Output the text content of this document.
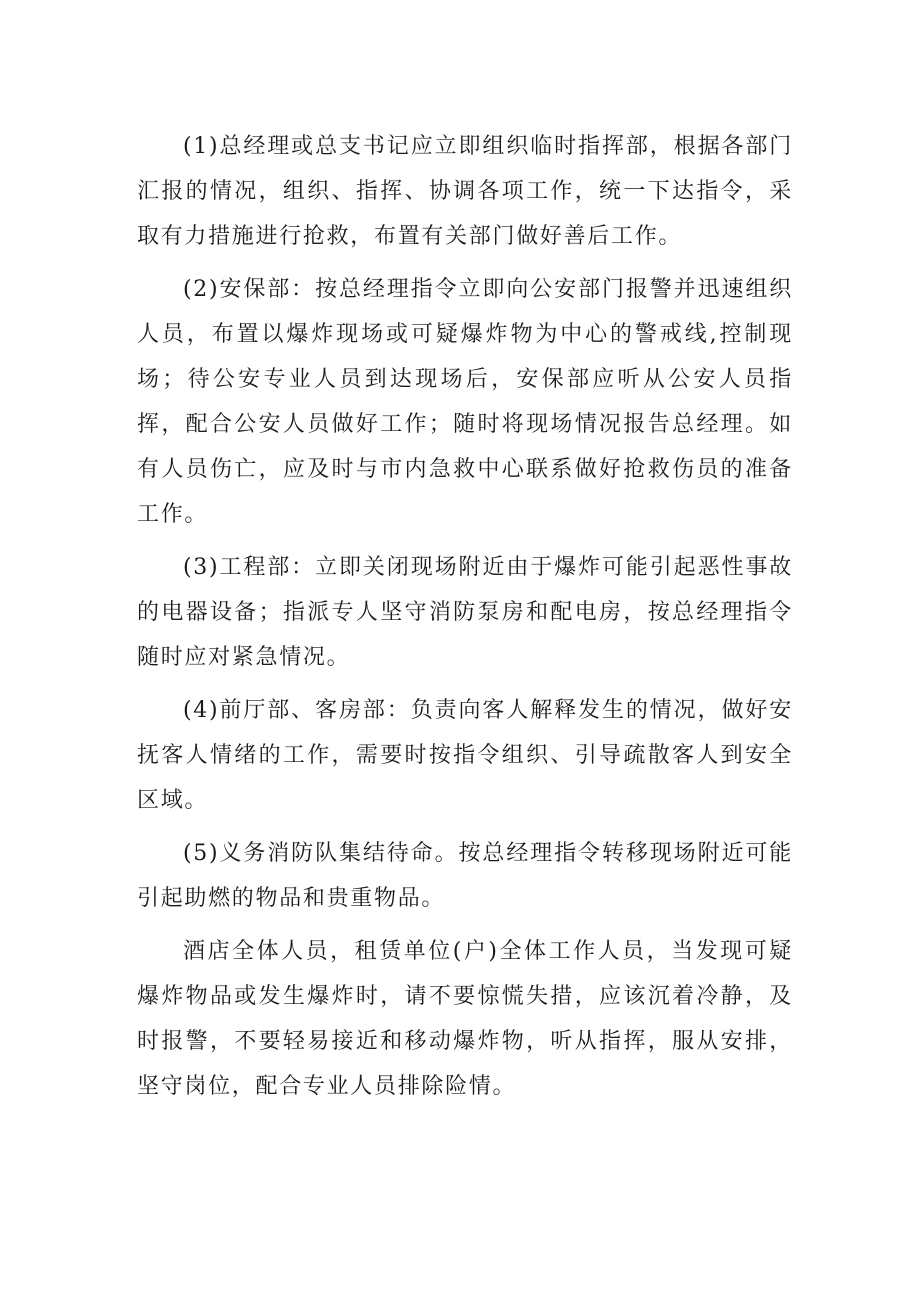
(1)总经理或总支书记应立即组织临时指挥部，根据各部门汇报的情况，组织、指挥、协调各项工作，统一下达指令，采取有力措施进行抢救，布置有关部门做好善后工作。

(2)安保部：按总经理指令立即向公安部门报警并迅速组织人员，布置以爆炸现场或可疑爆炸物为中心的警戒线,控制现场；待公安专业人员到达现场后，安保部应听从公安人员指挥，配合公安人员做好工作；随时将现场情况报告总经理。如有人员伤亡，应及时与市内急救中心联系做好抢救伤员的准备工作。

(3)工程部：立即关闭现场附近由于爆炸可能引起恶性事故的电器设备；指派专人坚守消防泵房和配电房，按总经理指令随时应对紧急情况。

(4)前厅部、客房部：负责向客人解释发生的情况，做好安抚客人情绪的工作，需要时按指令组织、引导疏散客人到安全区域。

(5)义务消防队集结待命。按总经理指令转移现场附近可能引起助燃的物品和贵重物品。

酒店全体人员，租赁单位(户)全体工作人员，当发现可疑爆炸物品或发生爆炸时，请不要惊慌失措，应该沉着冷静，及时报警，不要轻易接近和移动爆炸物，听从指挥，服从安排，坚守岗位，配合专业人员排除险情。
